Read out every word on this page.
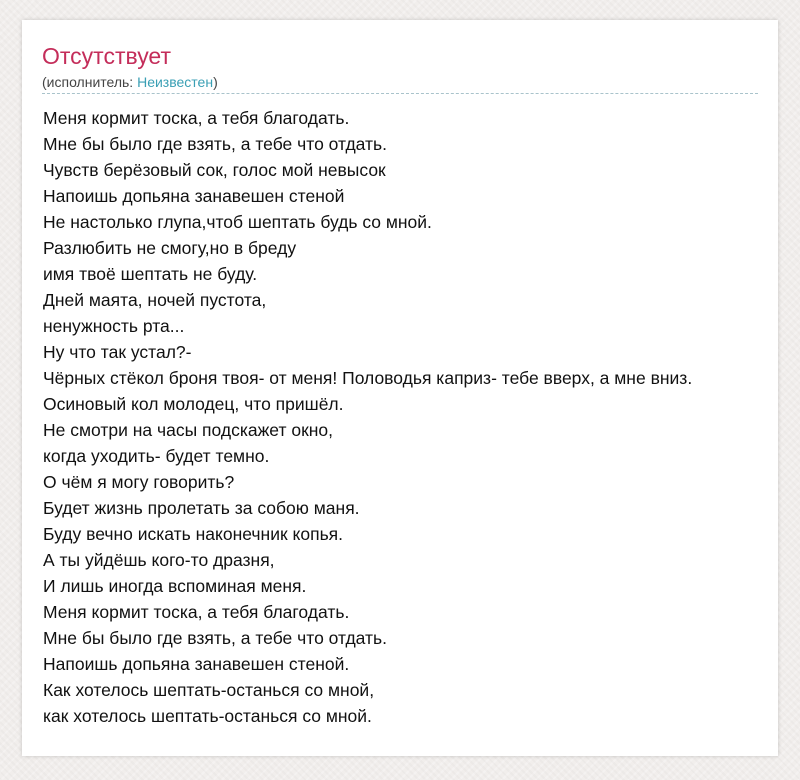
Отсутствует
(исполнитель: Неизвестен)
Меня кормит тоска, а тебя благодать.
Мне бы было где взять, а тебе что отдать.
Чувств берёзовый сок, голос мой невысок
Напоишь допьяна занавешен стеной
Не настолько глупа,чтоб шептать будь со мной.
Разлюбить не смогу,но в бреду
имя твоё шептать не буду.
Дней маята, ночей пустота,
ненужность рта...
Ну что так устал?-
Чёрных стёкол броня твоя- от меня! Половодья каприз- тебе вверх, а мне вниз.
Осиновый кол молодец, что пришёл.
Не смотри на часы подскажет окно,
когда уходить- будет темно.
О чём я могу говорить?
Будет жизнь пролетать за собою маня.
Буду вечно искать наконечник копья.
А ты уйдёшь кого-то дразня,
И лишь иногда вспоминая меня.
Меня кормит тоска, а тебя благодать.
Мне бы было где взять, а тебе что отдать.
Напоишь допьяна занавешен стеной.
Как хотелось шептать-останься со мной,
как хотелось шептать-останься со мной.
